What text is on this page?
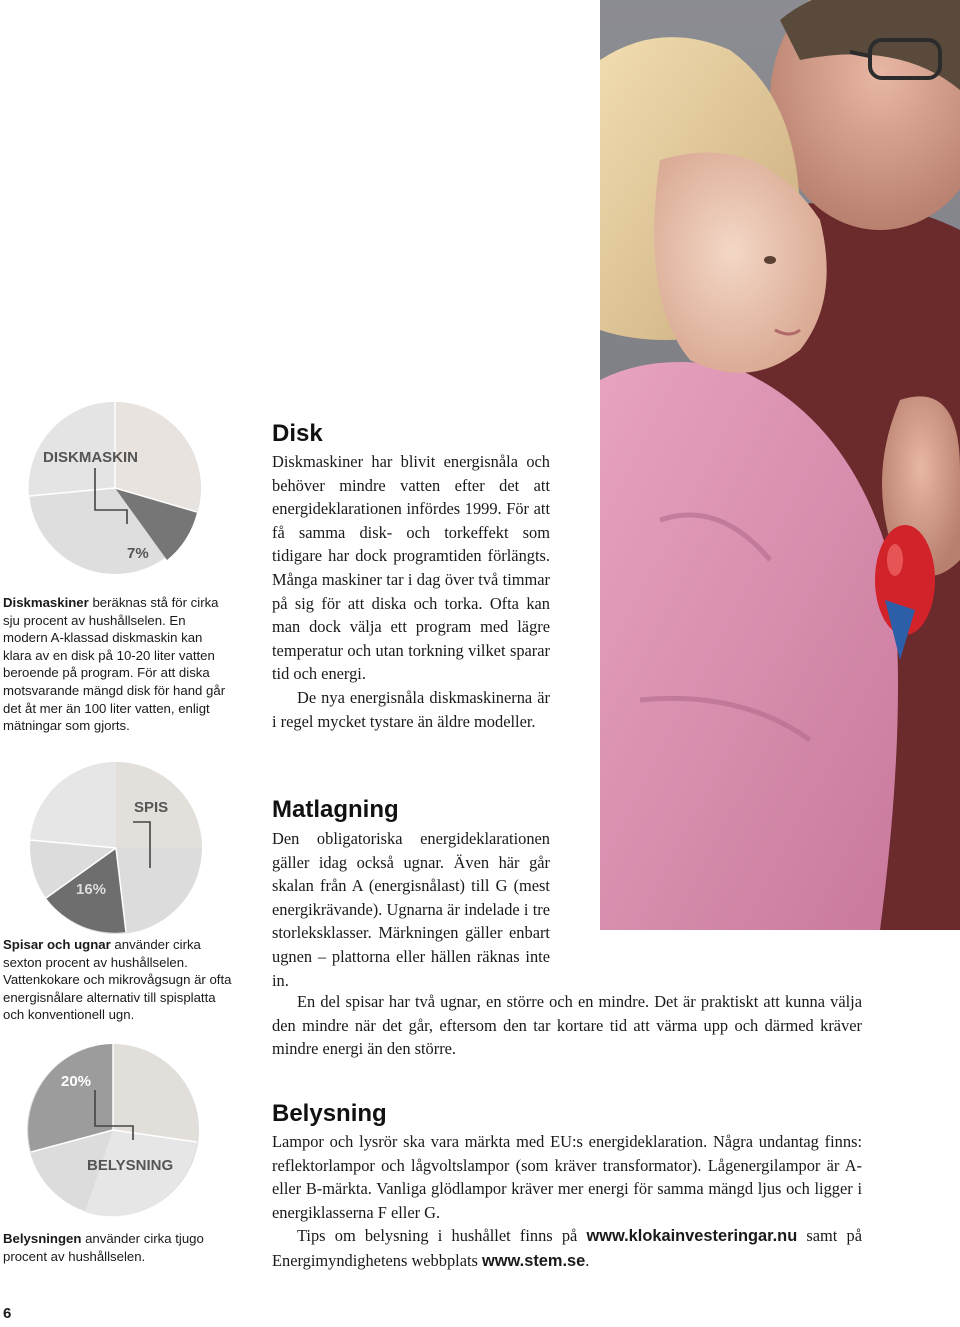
DISKMASKIN
7%
Diskmaskiner beräknas stå för cirka sju procent av hushållselen. En modern A-klassad diskmaskin kan klara av en disk på 10-20 liter vatten beroende på program. För att diska motsvarande mängd disk för hand går det åt mer än 100 liter vatten, enligt mätningar som gjorts.
SPIS
16%
Spisar och ugnar använder cirka sexton procent av hushållselen. Vattenkokare och mikrovågsugn är ofta energisnålare alternativ till spisplatta och konventionell ugn.
20%
BELYSNING
Belysningen använder cirka tjugo procent av hushållselen.
Disk

Diskmaskiner har blivit energisnåla och behöver mindre vatten efter det att energideklarationen infördes 1999. För att få samma disk- och torkeffekt som tidigare har dock programtiden förlängts. Många maskiner tar i dag över två timmar på sig för att diska och torka. Ofta kan man dock välja ett program med lägre temperatur och utan torkning vilket sparar tid och energi.

De nya energisnåla diskmaskinerna är i regel mycket tystare än äldre modeller.

Matlagning

Den obligatoriska energideklarationen gäller idag också ugnar. Även här går skalan från A (energisnålast) till G (mest energikrävande). Ugnarna är indelade i tre storleksklasser. Märkningen gäller enbart ugnen – plattorna eller hällen räknas inte in.

En del spisar har två ugnar, en större och en mindre. Det är praktiskt att kunna välja den mindre när det går, eftersom den tar kortare tid att värma upp och därmed kräver mindre energi än den större.

Belysning

Lampor och lysrör ska vara märkta med EU:s energideklaration. Några undantag finns: reflektorlampor och lågvoltslampor (som kräver transformator). Lågenergilampor är A- eller B-märkta. Vanliga glödlampor kräver mer energi för samma mängd ljus och ligger i energiklasserna F eller G.

Tips om belysning i hushållet finns på www.klokainvesteringar.nu samt på Energimyndighetens webbplats www.stem.se.

6
